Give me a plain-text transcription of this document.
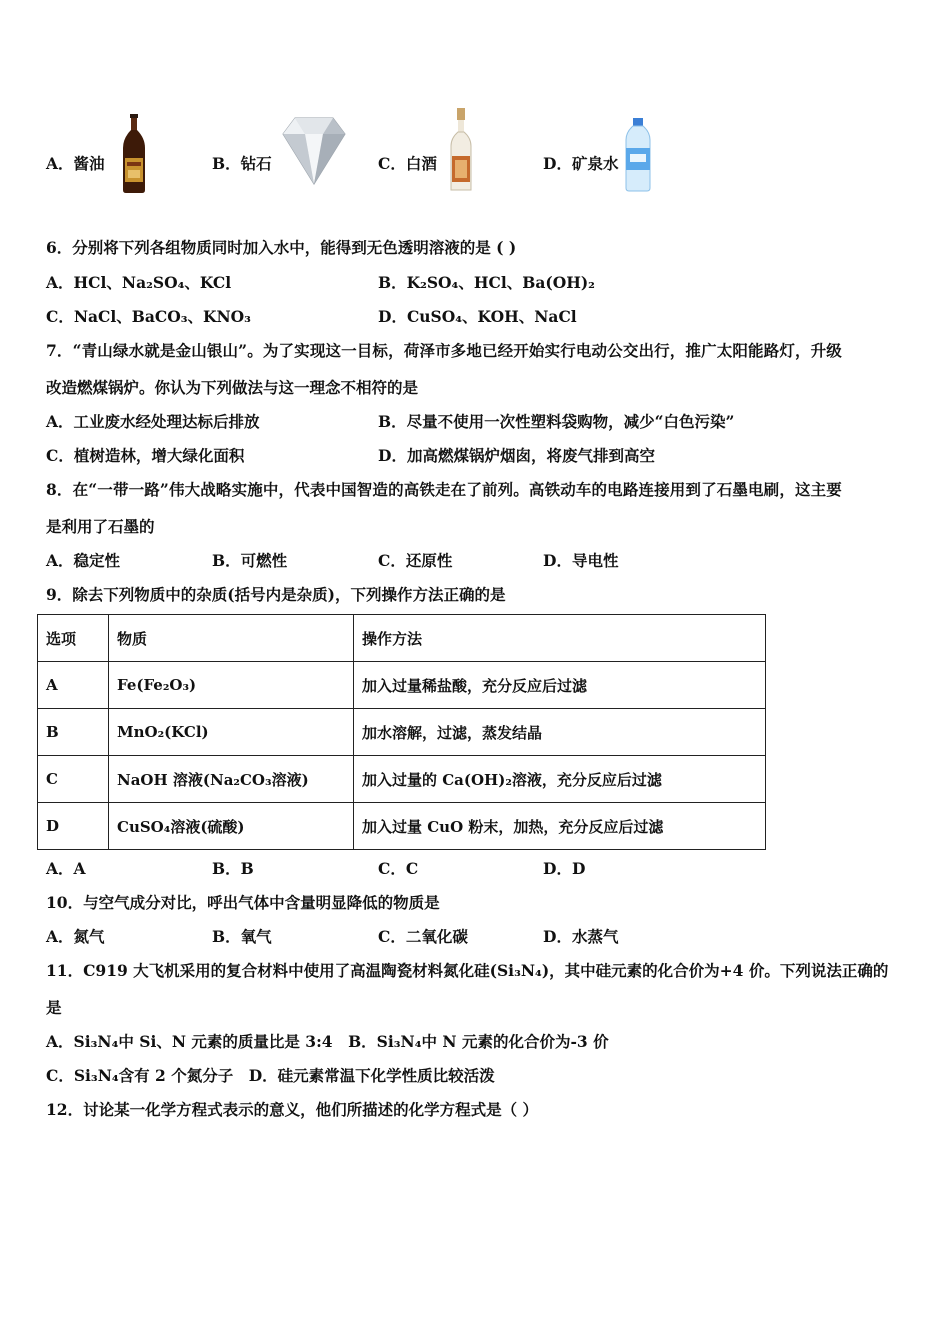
A．酱油	B．钻石	C．白酒	D．矿泉水
6．分别将下列各组物质同时加入水中，能得到无色透明溶液的是 ( )
A．HCl、Na₂SO₄、KCl	B．K₂SO₄、HCl、Ba(OH)₂
C．NaCl、BaCO₃、KNO₃	D．CuSO₄、KOH、NaCl
7．“青山绿水就是金山银山”。为了实现这一目标，荷泽市多地已经开始实行电动公交出行，推广太阳能路灯，升级
改造燃煤锅炉。你认为下列做法与这一理念不相符的是
A．工业废水经处理达标后排放	B．尽量不使用一次性塑料袋购物，减少“白色污染”
C．植树造林，增大绿化面积	D．加高燃煤锅炉烟囱，将废气排到高空
8．在“一带一路”伟大战略实施中，代表中国智造的高铁走在了前列。高铁动车的电路连接用到了石墨电刷，这主要
是利用了石墨的
A．稳定性	B．可燃性	C．还原性	D．导电性
9．除去下列物质中的杂质(括号内是杂质)，下列操作方法正确的是
选项	物质	操作方法
A	Fe(Fe₂O₃)	加入过量稀盐酸，充分反应后过滤
B	MnO₂(KCl)	加水溶解，过滤，蒸发结晶
C	NaOH 溶液(Na₂CO₃溶液)	加入过量的 Ca(OH)₂溶液，充分反应后过滤
D	CuSO₄溶液(硫酸)	加入过量 CuO 粉末，加热，充分反应后过滤
A．A	B．B	C．C	D．D
10．与空气成分对比，呼出气体中含量明显降低的物质是
A．氮气	B．氧气	C．二氧化碳	D．水蒸气
11．C919 大飞机采用的复合材料中使用了高温陶瓷材料氮化硅(Si₃N₄)，其中硅元素的化合价为+4 价。下列说法正确的
是
A．Si₃N₄中 Si、N 元素的质量比是 3:4　B．Si₃N₄中 N 元素的化合价为-3 价
C．Si₃N₄含有 2 个氮分子　D．硅元素常温下化学性质比较活泼
12．讨论某一化学方程式表示的意义，他们所描述的化学方程式是（ ）
